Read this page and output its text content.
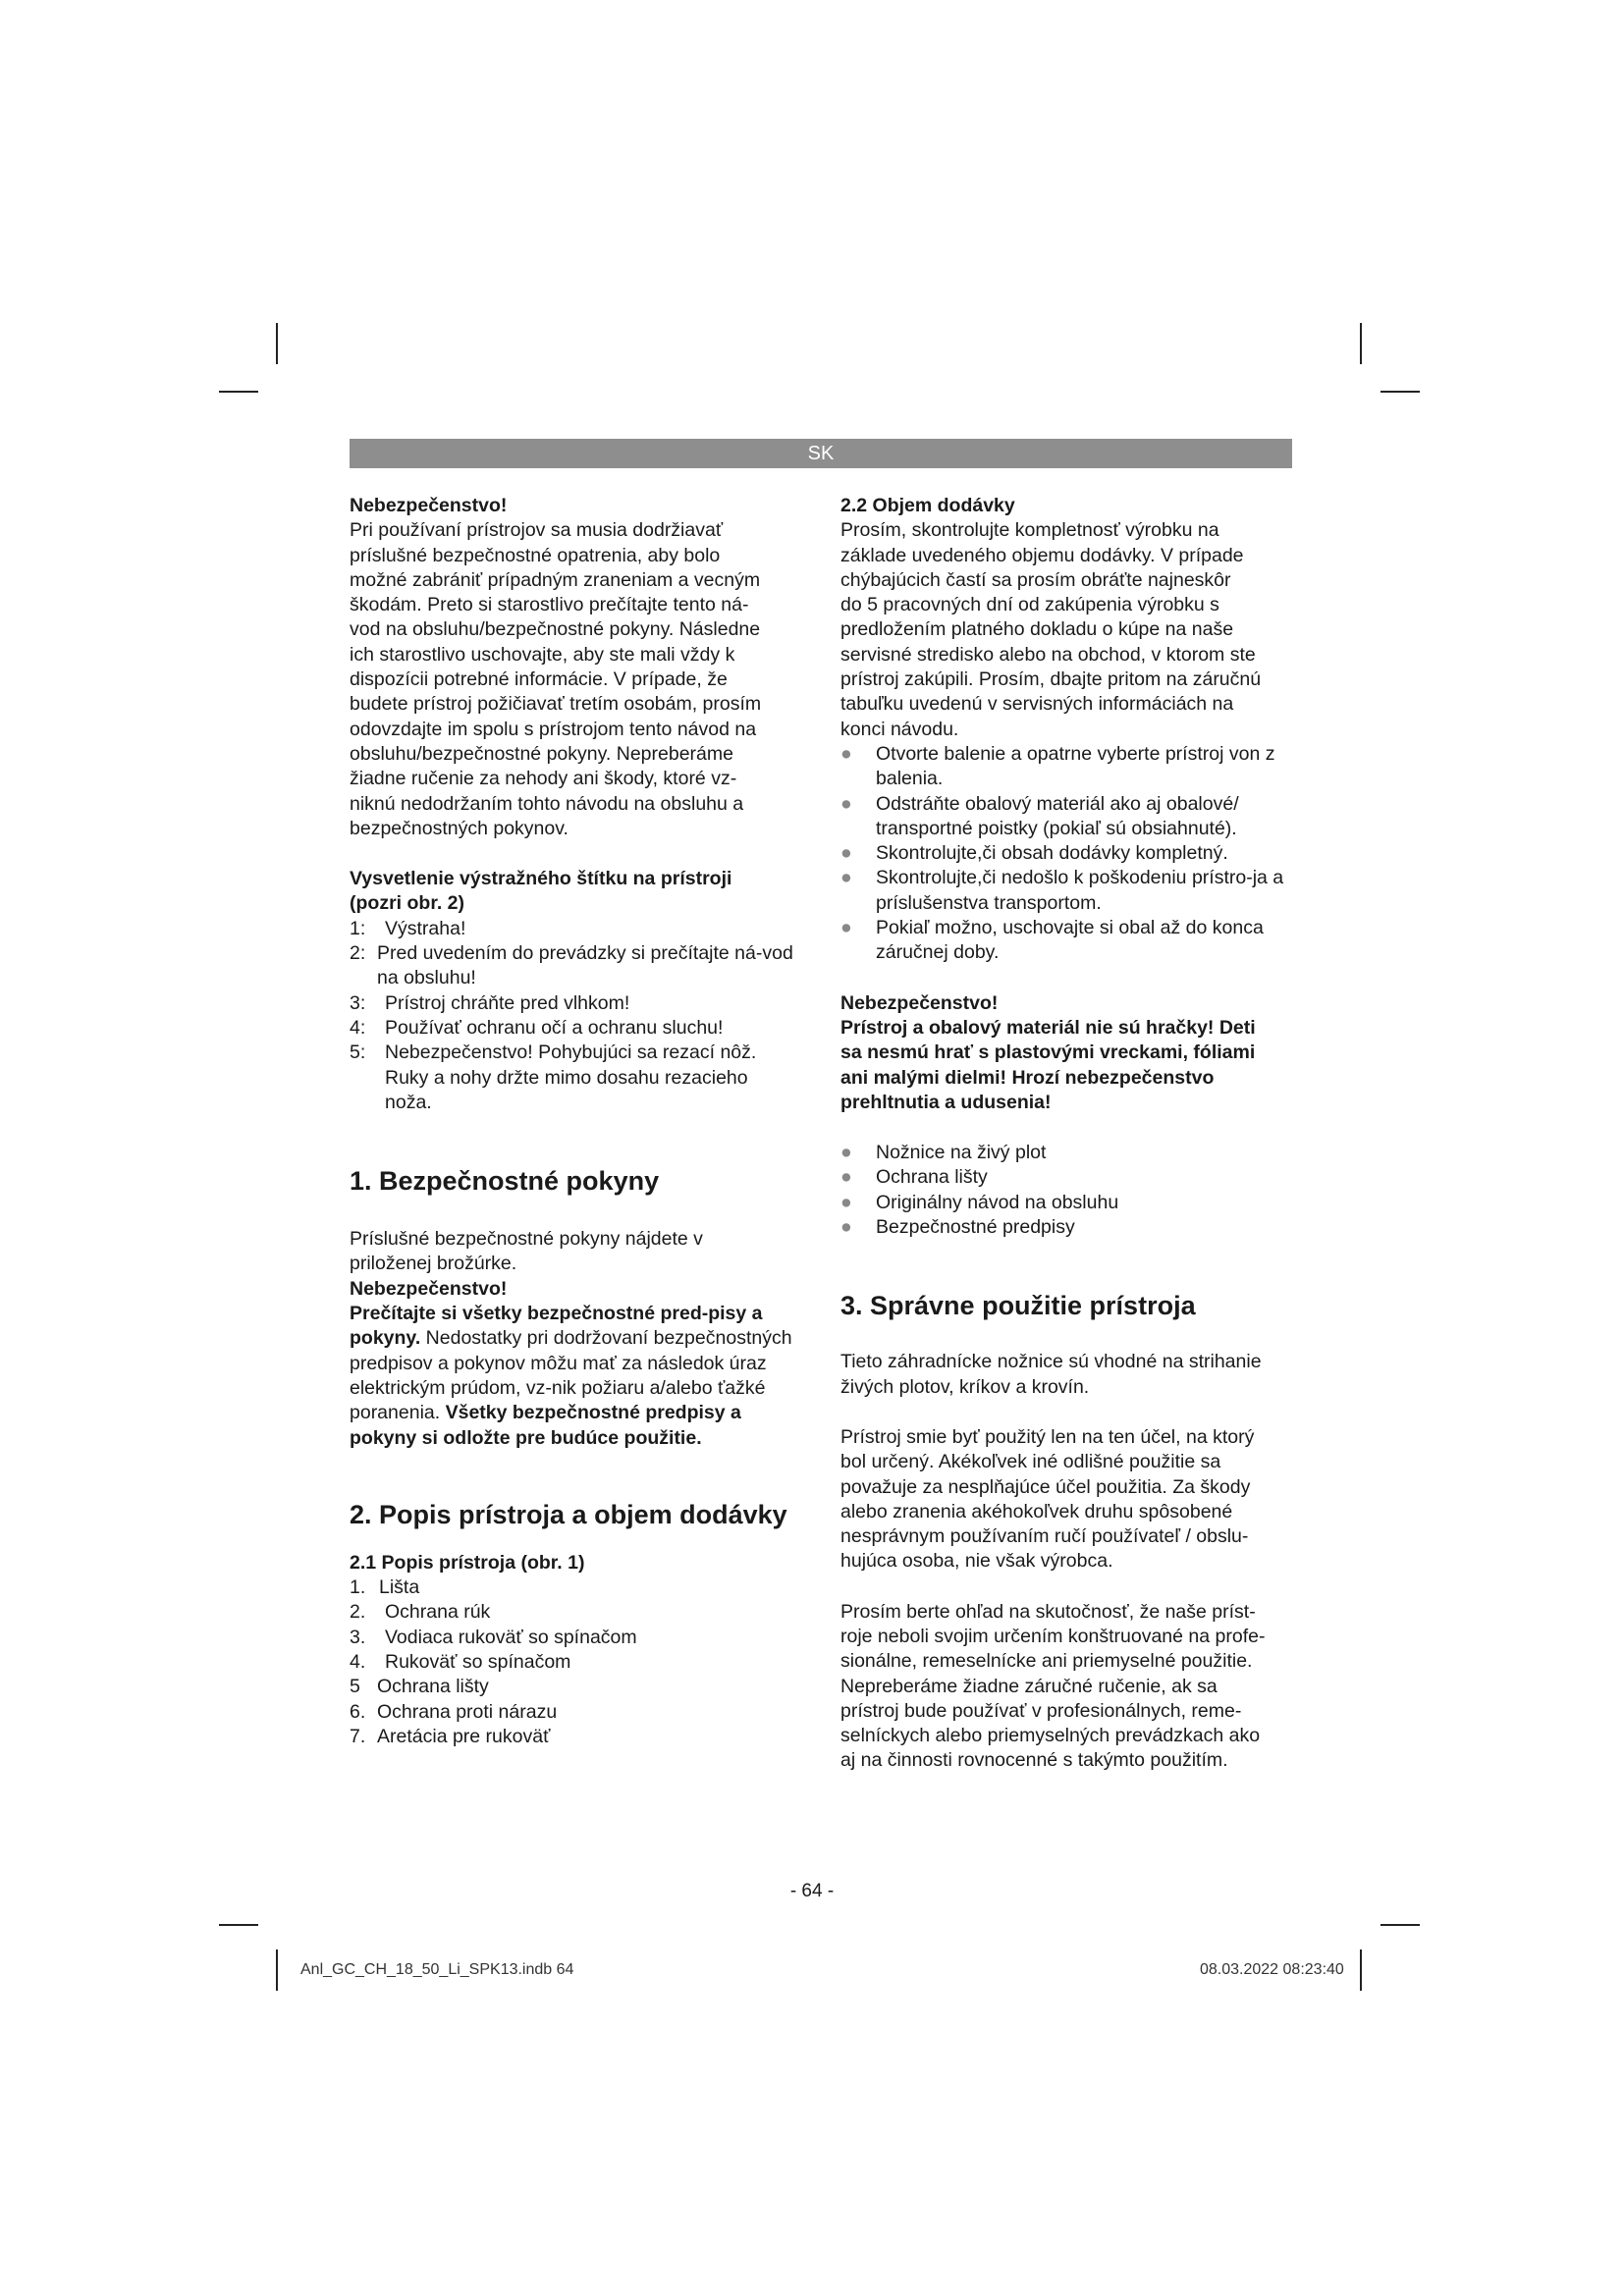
SK

Nebezpečenstvo!

Pri používaní prístrojov sa musia dodržiavať
príslušné bezpečnostné opatrenia, aby bolo
možné zabrániť prípadným zraneniam a vecným
škodám. Preto si starostlivo prečítajte tento ná-
vod na obsluhu/bezpečnostné pokyny. Následne
ich starostlivo uschovajte, aby ste mali vždy k
dispozícii potrebné informácie. V prípade, že
budete prístroj požičiavať tretím osobám, prosím
odovzdajte im spolu s prístrojom tento návod na
obsluhu/bezpečnostné pokyny. Nepreberáme
žiadne ručenie za nehody ani škody, ktoré vz-
niknú nedodržaním tohto návodu na obsluhu a
bezpečnostných pokynov.
Vysvetlenie výstražného štítku na prístroji
(pozri obr. 2)
1:	Výstraha!
2: Pred uvedením do prevádzky si prečítajte ná-vod na obsluhu!
3:	Prístroj chráňte pred vlhkom!
4:	Používať ochranu očí a ochranu sluchu!
5:	Nebezpečenstvo! Pohybujúci sa rezací nôž. Ruky a nohy držte mimo dosahu rezacieho noža.
1. Bezpečnostné pokyny
Príslušné bezpečnostné pokyny nájdete v
priloženej brožúrke.
Nebezpečenstvo!
Prečítajte si všetky bezpečnostné pred-pisy a pokyny. Nedostatky pri dodržovaní bezpečnostných predpisov a pokynov môžu mať za následok úraz elektrickým prúdom, vz-nik požiaru a/alebo ťažké poranenia. Všetky bezpečnostné predpisy a pokyny si odložte pre budúce použitie.
2. Popis prístroja a objem dodávky
2.1 Popis prístroja (obr. 1)
1. Lišta
2.	Ochrana rúk
3.	Vodiaca rukoväť so spínačom
4.	Rukoväť so spínačom
5 Ochrana lišty
6. Ochrana proti nárazu
7. Aretácia pre rukoväť
2.2 Objem dodávky
Prosím, skontrolujte kompletnosť výrobku na
základe uvedeného objemu dodávky. V prípade
chýbajúcich častí sa prosím obráťte najneskôr
do 5 pracovných dní od zakúpenia výrobku s
predložením platného dokladu o kúpe na naše
servisné stredisko alebo na obchod, v ktorom ste
prístroj zakúpili. Prosím, dbajte pritom na záručnú
tabuľku uvedenú v servisných informáciách na
konci návodu.
●	Otvorte balenie a opatrne vyberte prístroj von z balenia.
●	Odstráňte obalový materiál ako aj obalové/ transportné poistky (pokiaľ sú obsiahnuté).
●	Skontrolujte,či obsah dodávky kompletný.
●	Skontrolujte,či nedošlo k poškodeniu prístro-ja a príslušenstva transportom.
●	Pokiaľ možno, uschovajte si obal až do konca záručnej doby.
Nebezpečenstvo!
Prístroj a obalový materiál nie sú hračky! Deti
sa nesmú hrať s plastovými vreckami, fóliami
ani malými dielmi! Hrozí nebezpečenstvo
prehltnutia a udusenia!
●	Nožnice na živý plot
●	Ochrana lišty
●	Originálny návod na obsluhu
●	Bezpečnostné predpisy
3. Správne použitie prístroja
Tieto záhradnícke nožnice sú vhodné na strihanie
živých plotov, kríkov a krovín.
Prístroj smie byť použitý len na ten účel, na ktorý
bol určený. Akékoľvek iné odlišné použitie sa
považuje za nesplňajúce účel použitia. Za škody
alebo zranenia akéhokoľvek druhu spôsobené
nesprávnym používaním ručí používateľ / obslu-
hujúca osoba, nie však výrobca.
Prosím berte ohľad na skutočnosť, že naše príst-
roje neboli svojim určením konštruované na profe-
sionálne, remeselnícke ani priemyselné použitie.
Nepreberáme žiadne záručné ručenie, ak sa
prístroj bude používať v profesionálnych, reme-
selníckych alebo priemyselných prevádzkach ako
aj na činnosti rovnocenné s takýmto použitím.
- 64 -
Anl_GC_CH_18_50_Li_SPK13.indb 64	08.03.2022 08:23:40
